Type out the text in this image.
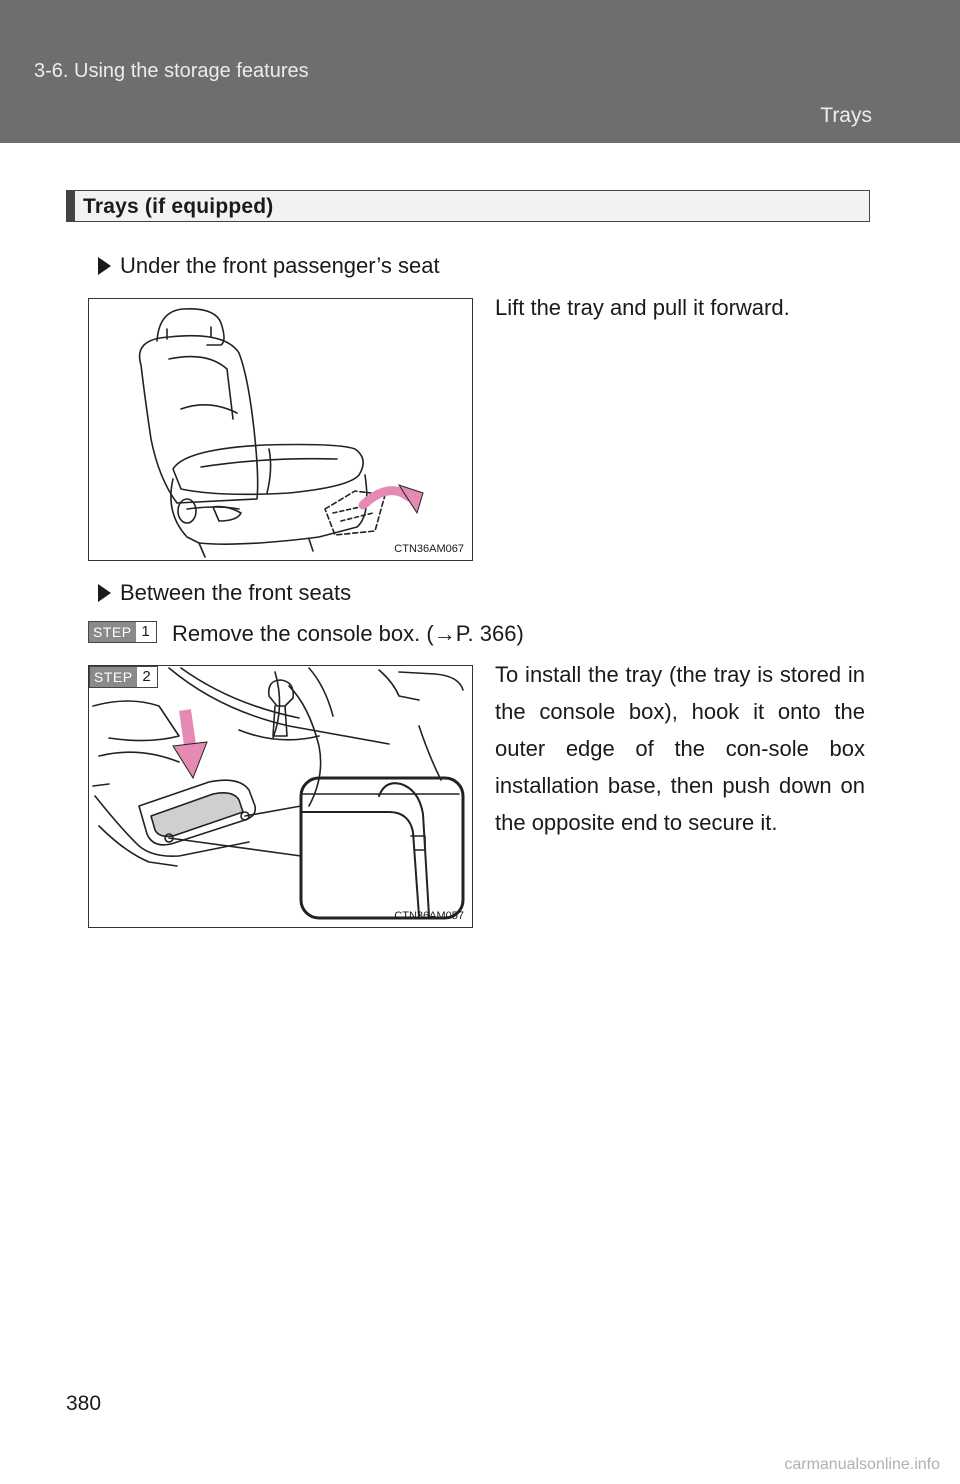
3-6. Using the storage features
Trays
Trays (if equipped)
Under the front passenger’s seat
CTN36AM067
Lift the tray and pull it forward.
Between the front seats
STEP 1 Remove the console box. (→P. 366)
STEP 2
CTN36AM057
To install the tray (the tray is stored in the console box), hook it onto the outer edge of the con-sole box installation base, then push down on the opposite end to secure it.
380
carmanualsonline.info
